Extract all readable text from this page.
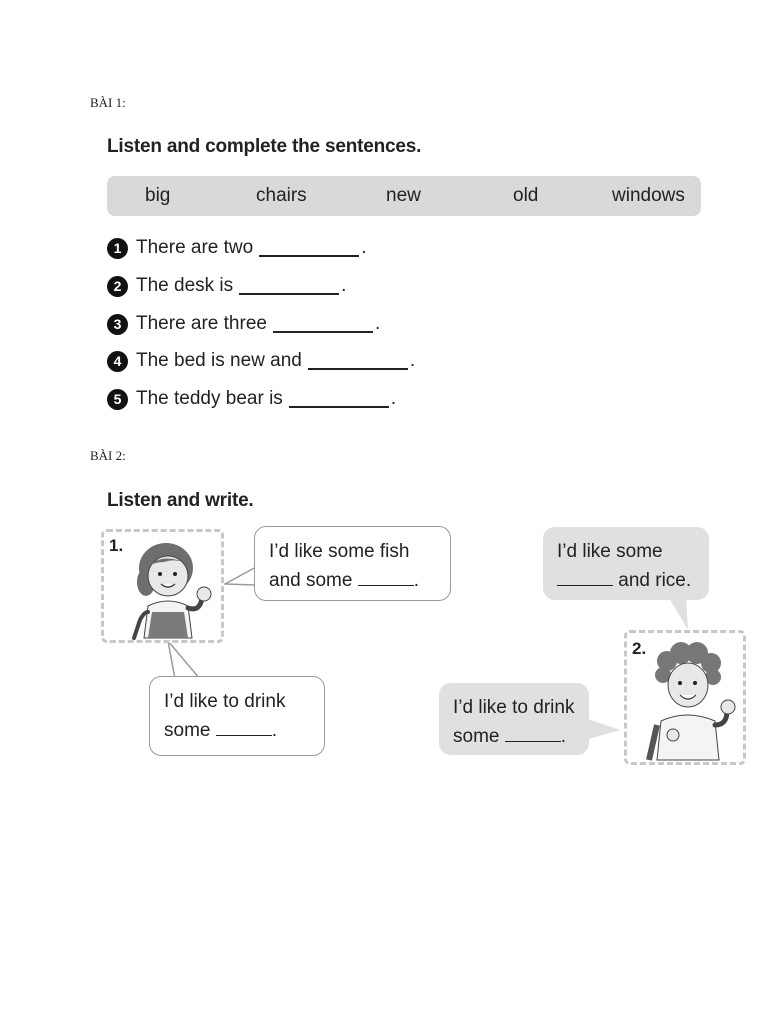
BÀI 1:
Listen and complete the sentences.
big	chairs	new	old	windows
1 There are two	.
2 The desk is	.
3 There are three	.
4 The bed is new and	.
5 The teddy bear is	.
BÀI 2:
Listen and write.
1.	I’d like some fish
and some	.
I’d like to drink
some	.
2.
I’d like some
and rice.
I’d like to drink
some	.
